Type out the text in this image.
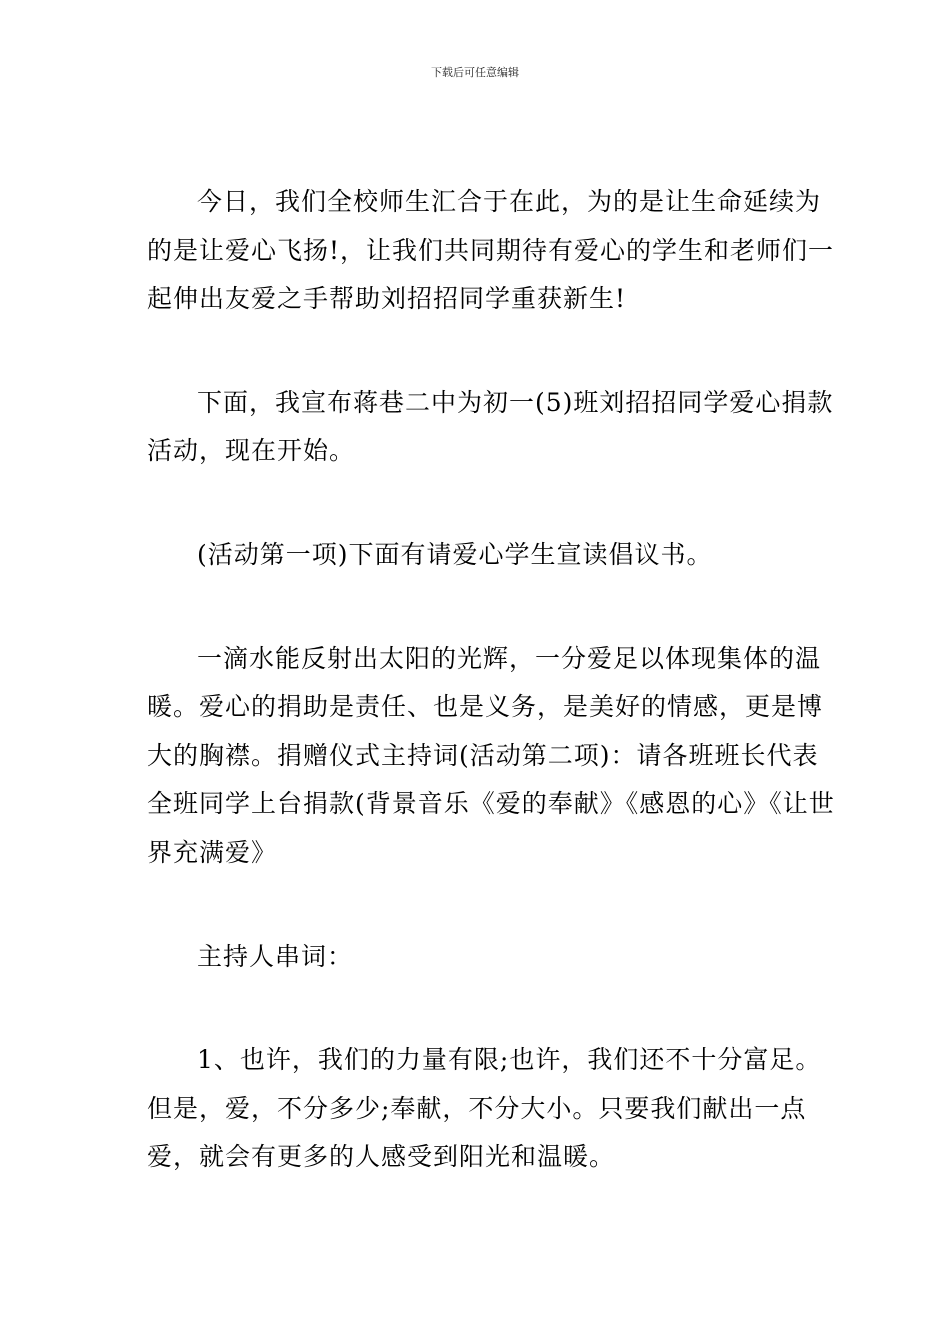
下载后可任意编辑

今日，我们全校师生汇合于在此，为的是让生命延续为的是让爱心飞扬!，让我们共同期待有爱心的学生和老师们一起伸出友爱之手帮助刘招招同学重获新生!

下面，我宣布蒋巷二中为初一(5)班刘招招同学爱心捐款活动，现在开始。

(活动第一项)下面有请爱心学生宣读倡议书。

一滴水能反射出太阳的光辉，一分爱足以体现集体的温暖。爱心的捐助是责任、也是义务，是美好的情感，更是博大的胸襟。捐赠仪式主持词(活动第二项)：请各班班长代表全班同学上台捐款(背景音乐《爱的奉献》《感恩的心》《让世界充满爱》

主持人串词：

1、也许，我们的力量有限;也许，我们还不十分富足。但是，爱，不分多少;奉献，不分大小。只要我们献出一点爱，就会有更多的人感受到阳光和温暖。
